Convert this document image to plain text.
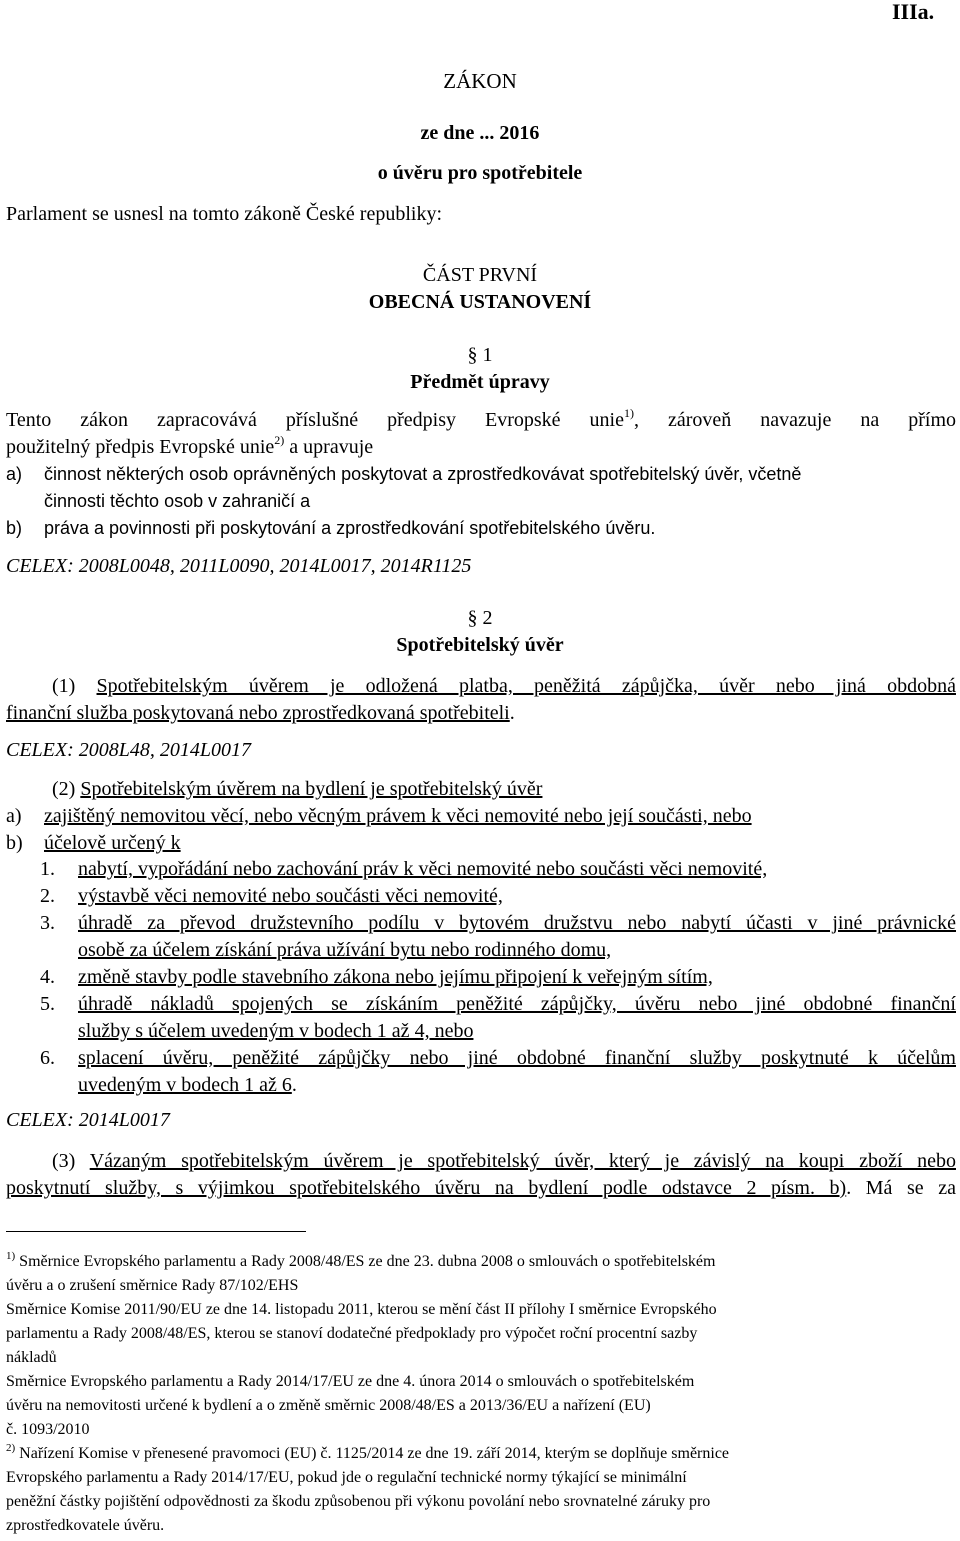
IIIa.
ZÁKON
ze dne ... 2016
o úvěru pro spotřebitele
Parlament se usnesl na tomto zákoně České republiky:
ČÁST PRVNÍ
OBECNÁ USTANOVENÍ
§ 1
Předmět úpravy
Tento zákon zapracovává příslušné předpisy Evropské unie$^{1)}$, zároveň navazuje na přímo
použitelný předpis Evropské unie$^{2)}$ a upravuje
a) činnost některých osob oprávněných poskytovat a zprostředkovávat spotřebitelský úvěr, včetně
činnosti těchto osob v zahraničí a
b) práva a povinnosti při poskytování a zprostředkování spotřebitelského úvěru.
CELEX: 2008L0048, 2011L0090, 2014L0017, 2014R1125
§ 2
Spotřebitelský úvěr
(1) Spotřebitelským úvěrem je odložená platba, peněžitá zápůjčka, úvěr nebo jiná obdobná
finanční služba poskytovaná nebo zprostředkovaná spotřebiteli.
CELEX: 2008L48, 2014L0017
(2) Spotřebitelským úvěrem na bydlení je spotřebitelský úvěr
a) zajištěný nemovitou věcí, nebo věcným právem k věci nemovité nebo její součásti, nebo
b) účelově určený k
1. nabytí, vypořádání nebo zachování práv k věci nemovité nebo součásti věci nemovité,
2. výstavbě věci nemovité nebo součásti věci nemovité,
3. úhradě za převod družstevního podílu v bytovém družstvu nebo nabytí účasti v jiné právnické
osobě za účelem získání práva užívání bytu nebo rodinného domu,
4. změně stavby podle stavebního zákona nebo jejímu připojení k veřejným sítím,
5. úhradě nákladů spojených se získáním peněžité zápůjčky, úvěru nebo jiné obdobné finanční
služby s účelem uvedeným v bodech 1 až 4, nebo
6. splacení úvěru, peněžité zápůjčky nebo jiné obdobné finanční služby poskytnuté k účelům
uvedeným v bodech 1 až 6.
CELEX: 2014L0017
(3) Vázaným spotřebitelským úvěrem je spotřebitelský úvěr, který je závislý na koupi zboží nebo
poskytnutí služby, s výjimkou spotřebitelského úvěru na bydlení podle odstavce 2 písm. b). Má se za
$^{1)}$ Směrnice Evropského parlamentu a Rady 2008/48/ES ze dne 23. dubna 2008 o smlouvách o spotřebitelském
úvěru a o zrušení směrnice Rady 87/102/EHS
Směrnice Komise 2011/90/EU ze dne 14. listopadu 2011, kterou se mění část II přílohy I směrnice Evropského
parlamentu a Rady 2008/48/ES, kterou se stanoví dodatečné předpoklady pro výpočet roční procentní sazby
nákladů
Směrnice Evropského parlamentu a Rady 2014/17/EU ze dne 4. února 2014 o smlouvách o spotřebitelském
úvěru na nemovitosti určené k bydlení a o změně směrnic 2008/48/ES a 2013/36/EU a nařízení (EU)
č. 1093/2010
$^{2)}$ Nařízení Komise v přenesené pravomoci (EU) č. 1125/2014 ze dne 19. září 2014, kterým se doplňuje směrnice
Evropského parlamentu a Rady 2014/17/EU, pokud jde o regulační technické normy týkající se minimální
peněžní částky pojištění odpovědnosti za škodu způsobenou při výkonu povolání nebo srovnatelné záruky pro
zprostředkovatele úvěru.
